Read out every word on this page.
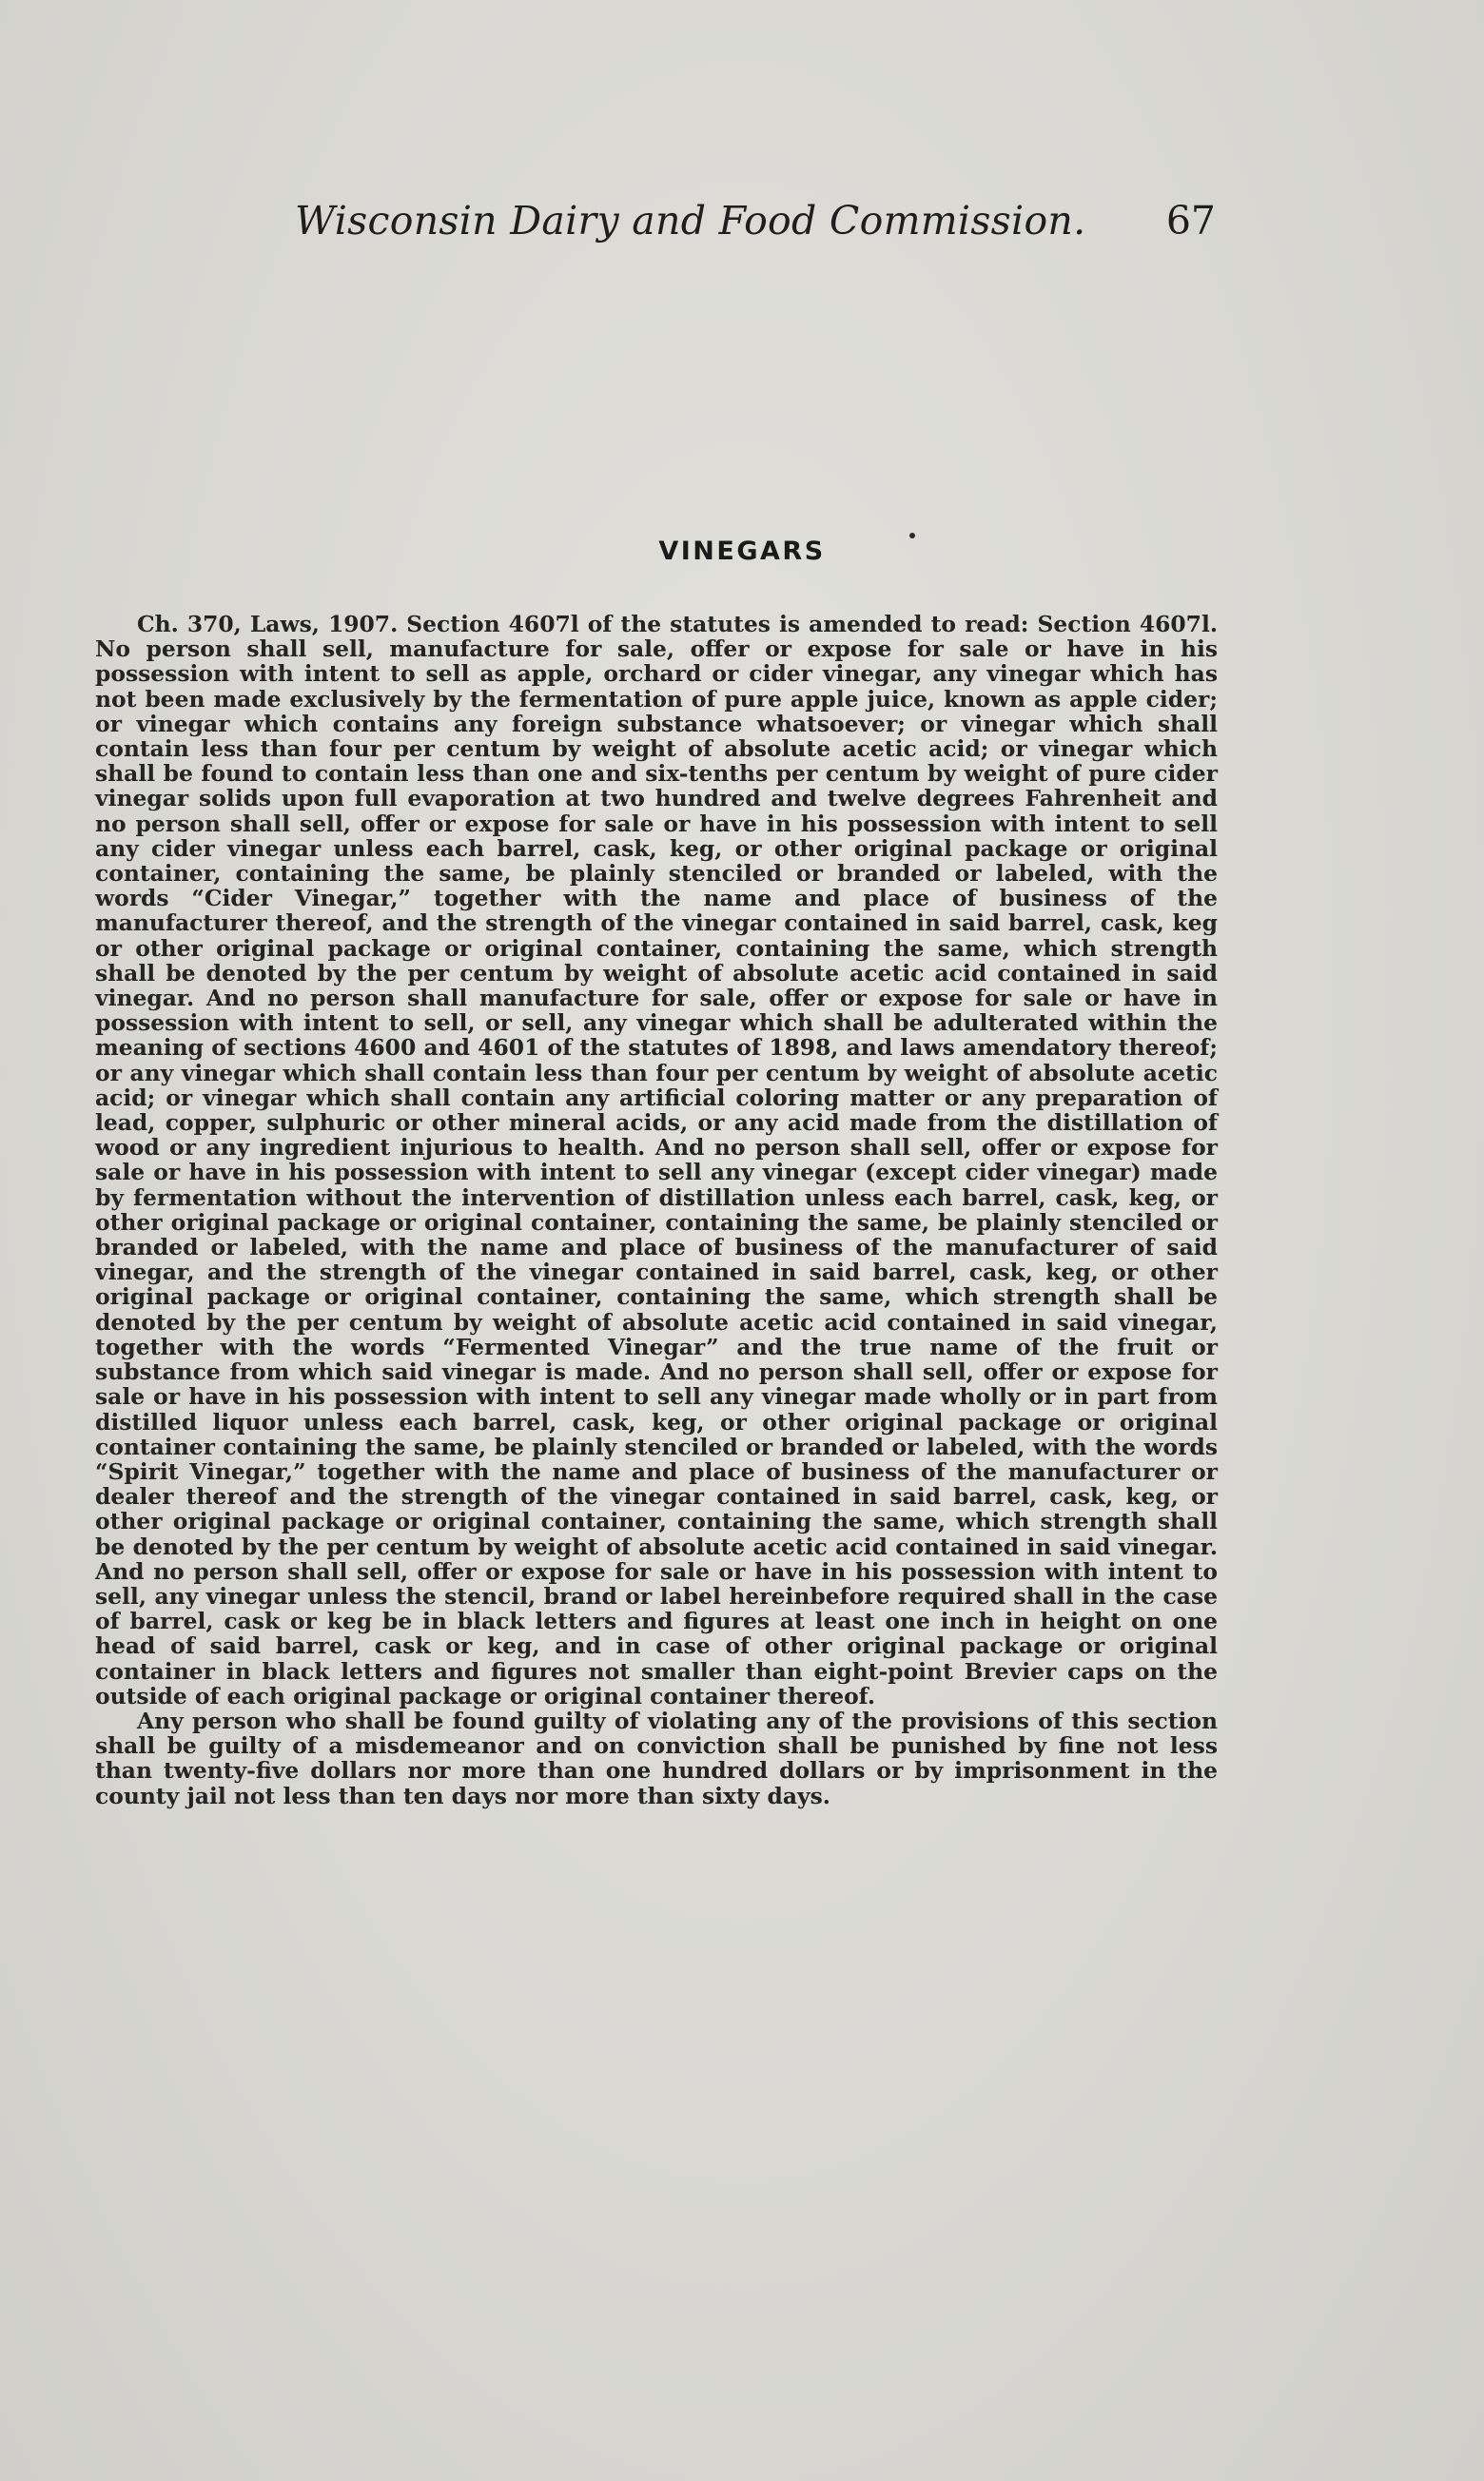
Wisconsin Dairy and Food Commission. 67
VINEGARS

Ch. 370, Laws, 1907. Section 4607l of the statutes is amended to read: Section 4607l. No person shall sell, manufacture for sale, offer or expose for sale or have in his possession with intent to sell as apple, orchard or cider vinegar, any vinegar which has not been made exclusively by the fermentation of pure apple juice, known as apple cider; or vinegar which contains any foreign substance whatsoever; or vinegar which shall contain less than four per centum by weight of absolute acetic acid; or vinegar which shall be found to contain less than one and six-tenths per centum by weight of pure cider vinegar solids upon full evaporation at two hundred and twelve degrees Fahrenheit and no person shall sell, offer or expose for sale or have in his possession with intent to sell any cider vinegar unless each barrel, cask, keg, or other original package or original container, containing the same, be plainly stenciled or branded or labeled, with the words “Cider Vinegar,” together with the name and place of business of the manufacturer thereof, and the strength of the vinegar contained in said barrel, cask, keg or other original package or original container, containing the same, which strength shall be denoted by the per centum by weight of absolute acetic acid contained in said vinegar. And no person shall manufacture for sale, offer or expose for sale or have in possession with intent to sell, or sell, any vinegar which shall be adulterated within the meaning of sections 4600 and 4601 of the statutes of 1898, and laws amendatory thereof; or any vinegar which shall contain less than four per centum by weight of absolute acetic acid; or vinegar which shall contain any artificial coloring matter or any preparation of lead, copper, sulphuric or other mineral acids, or any acid made from the distillation of wood or any ingredient injurious to health. And no person shall sell, offer or expose for sale or have in his possession with intent to sell any vinegar (except cider vinegar) made by fermentation without the intervention of distillation unless each barrel, cask, keg, or other original package or original container, containing the same, be plainly stenciled or branded or labeled, with the name and place of business of the manufacturer of said vinegar, and the strength of the vinegar contained in said barrel, cask, keg, or other original package or original container, containing the same, which strength shall be denoted by the per centum by weight of absolute acetic acid contained in said vinegar, together with the words “Fermented Vinegar” and the true name of the fruit or substance from which said vinegar is made. And no person shall sell, offer or expose for sale or have in his possession with intent to sell any vinegar made wholly or in part from distilled liquor unless each barrel, cask, keg, or other original package or original container containing the same, be plainly stenciled or branded or labeled, with the words “Spirit Vinegar,” together with the name and place of business of the manufacturer or dealer thereof and the strength of the vinegar contained in said barrel, cask, keg, or other original package or original container, containing the same, which strength shall be denoted by the per centum by weight of absolute acetic acid contained in said vinegar. And no person shall sell, offer or expose for sale or have in his possession with intent to sell, any vinegar unless the stencil, brand or label hereinbefore required shall in the case of barrel, cask or keg be in black letters and figures at least one inch in height on one head of said barrel, cask or keg, and in case of other original package or original container in black letters and figures not smaller than eight-point Brevier caps on the outside of each original package or original container thereof.

Any person who shall be found guilty of violating any of the provisions of this section shall be guilty of a misdemeanor and on conviction shall be punished by fine not less than twenty-five dollars nor more than one hundred dollars or by imprisonment in the county jail not less than ten days nor more than sixty days.
